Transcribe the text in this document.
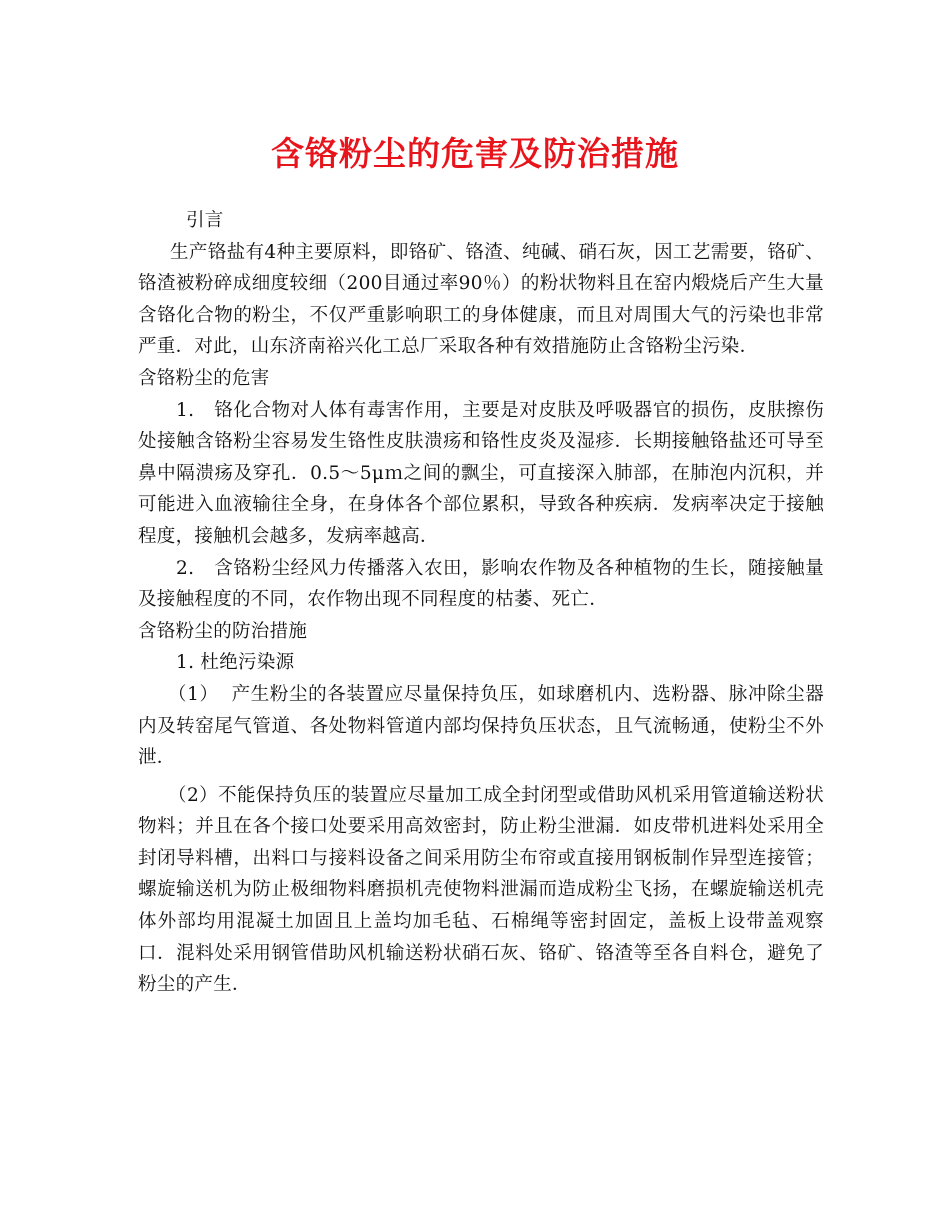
含铬粉尘的危害及防治措施

引言

生产铬盐有4种主要原料，即铬矿、铬渣、纯碱、硝石灰，因工艺需要，铬矿、铬渣被粉碎成细度较细（200目通过率90％）的粉状物料且在窑内煅烧后产生大量含铬化合物的粉尘，不仅严重影响职工的身体健康，而且对周围大气的污染也非常严重．对此，山东济南裕兴化工总厂采取各种有效措施防止含铬粉尘污染．

含铬粉尘的危害

1. 铬化合物对人体有毒害作用，主要是对皮肤及呼吸器官的损伤，皮肤擦伤处接触含铬粉尘容易发生铬性皮肤溃疡和铬性皮炎及湿疹．长期接触铬盐还可导至鼻中隔溃疡及穿孔．0.5～5μｍ之间的飘尘，可直接深入肺部，在肺泡内沉积，并可能进入血液输往全身，在身体各个部位累积，导致各种疾病．发病率决定于接触程度，接触机会越多，发病率越高．

2. 含铬粉尘经风力传播落入农田，影响农作物及各种植物的生长，随接触量及接触程度的不同，农作物出现不同程度的枯萎、死亡．

含铬粉尘的防治措施

1. 杜绝污染源

（1） 产生粉尘的各装置应尽量保持负压，如球磨机内、选粉器、脉冲除尘器内及转窑尾气管道、各处物料管道内部均保持负压状态，且气流畅通，使粉尘不外泄．

（2）不能保持负压的装置应尽量加工成全封闭型或借助风机采用管道输送粉状物料；并且在各个接口处要采用高效密封，防止粉尘泄漏．如皮带机进料处采用全封闭导料槽，出料口与接料设备之间采用防尘布帘或直接用钢板制作异型连接管；螺旋输送机为防止极细物料磨损机壳使物料泄漏而造成粉尘飞扬，在螺旋输送机壳体外部均用混凝土加固且上盖均加毛毡、石棉绳等密封固定，盖板上设带盖观察口．混料处采用钢管借助风机输送粉状硝石灰、铬矿、铬渣等至各自料仓，避免了粉尘的产生．
